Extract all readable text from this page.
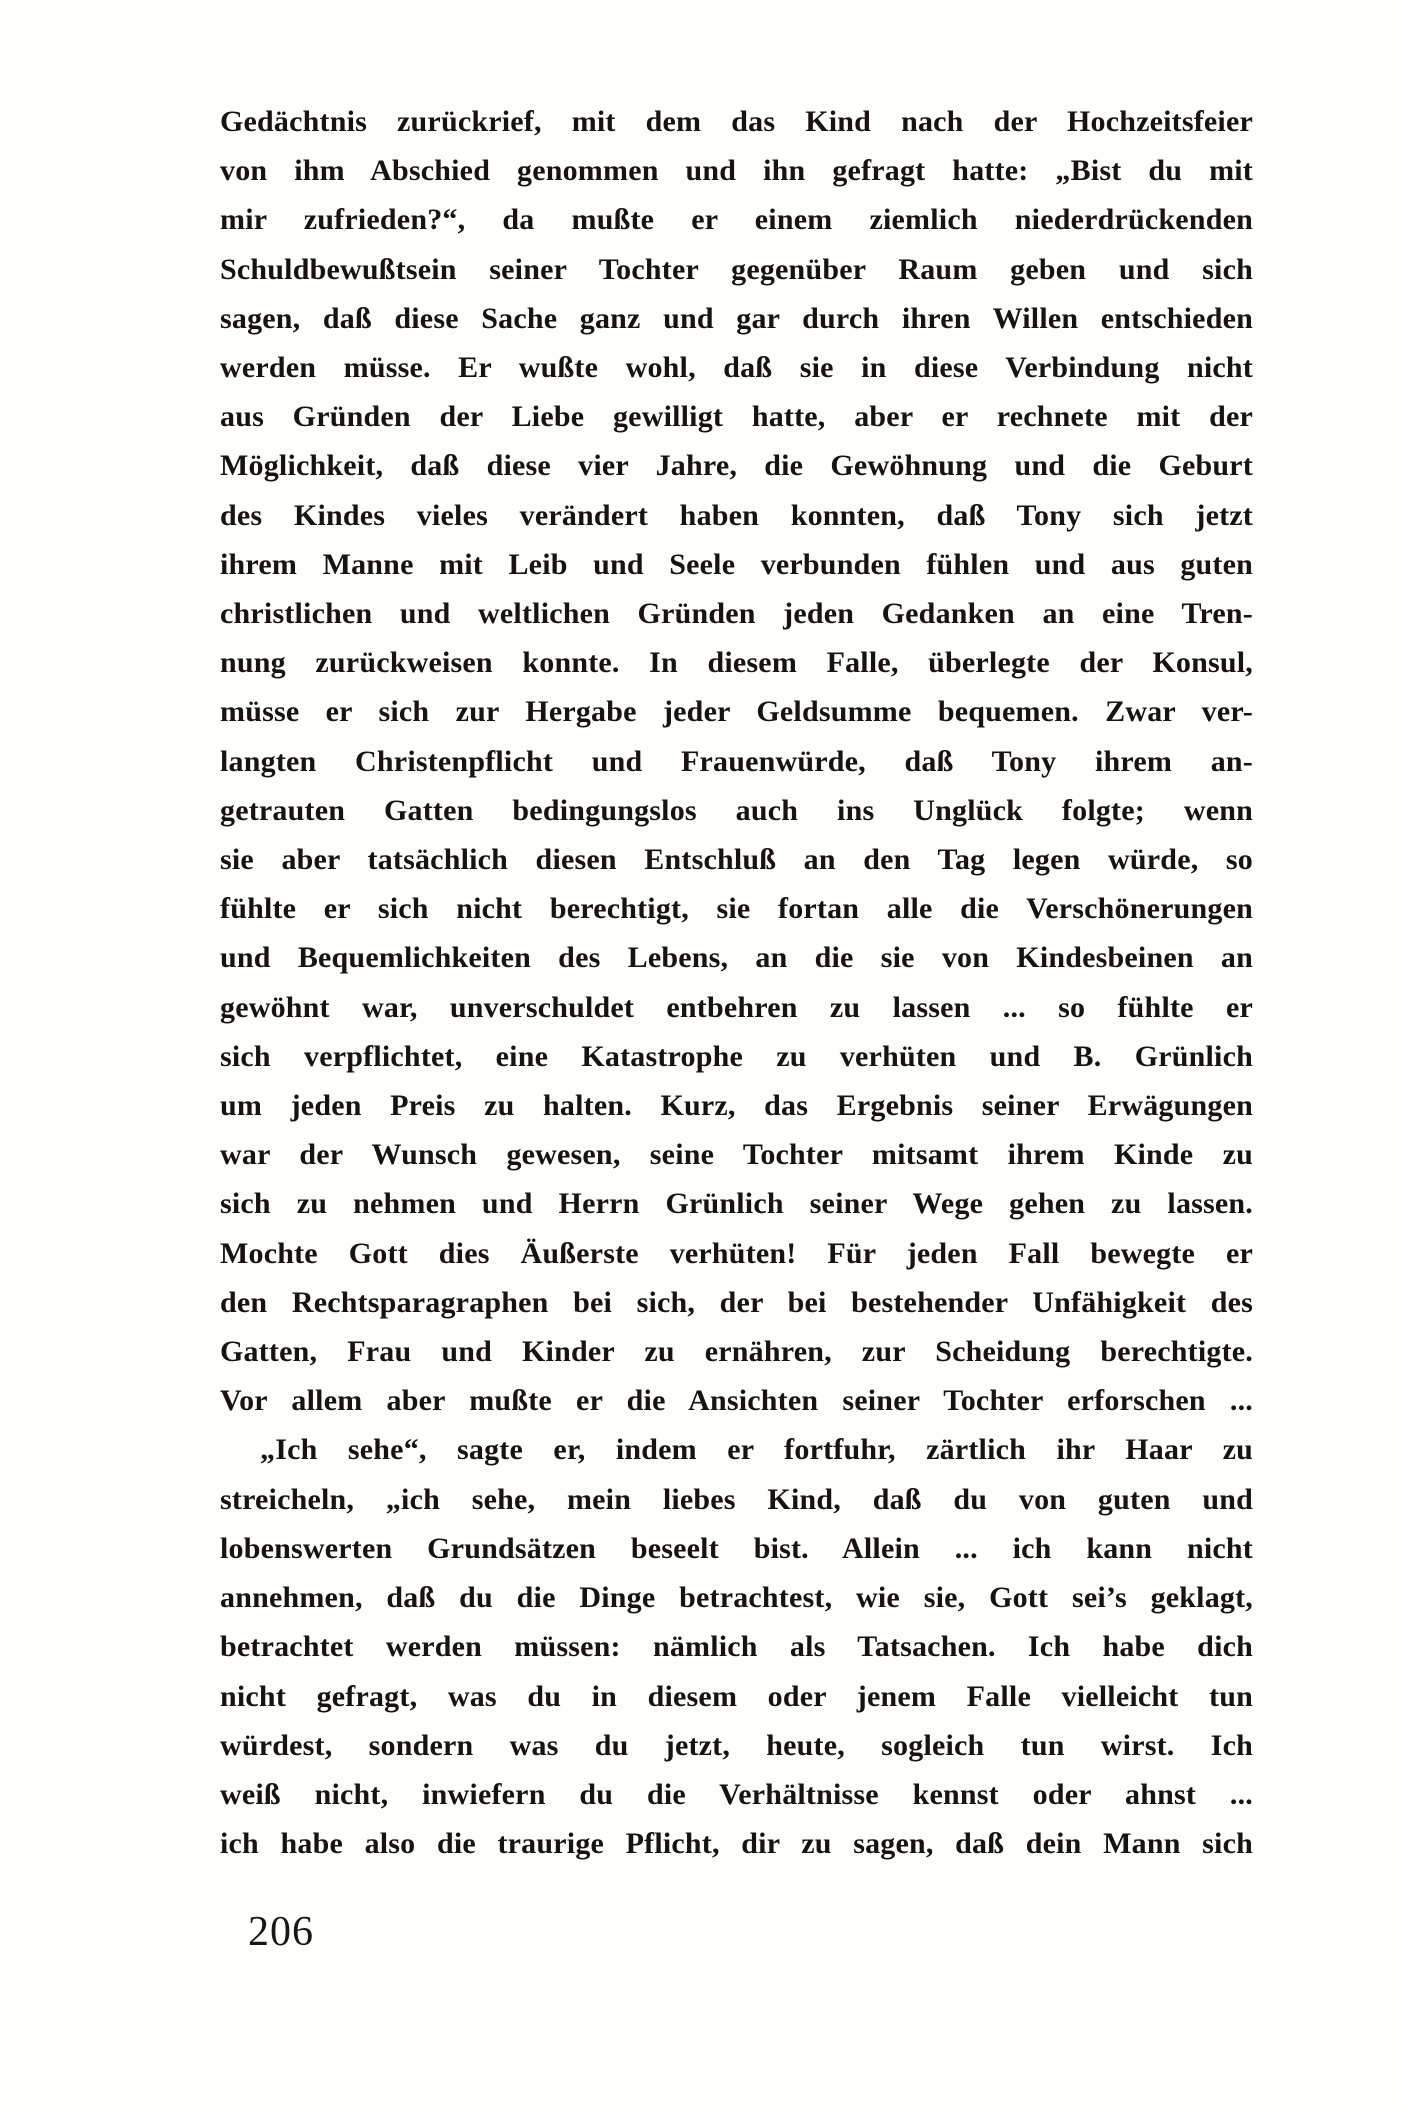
Gedächtnis zurückrief, mit dem das Kind nach der Hochzeitsfeier
von ihm Abschied genommen und ihn gefragt hatte: „Bist du mit
mir zufrieden?“, da mußte er einem ziemlich niederdrückenden
Schuldbewußtsein seiner Tochter gegenüber Raum geben und sich
sagen, daß diese Sache ganz und gar durch ihren Willen entschieden
werden müsse. Er wußte wohl, daß sie in diese Verbindung nicht
aus Gründen der Liebe gewilligt hatte, aber er rechnete mit der
Möglichkeit, daß diese vier Jahre, die Gewöhnung und die Geburt
des Kindes vieles verändert haben konnten, daß Tony sich jetzt
ihrem Manne mit Leib und Seele verbunden fühlen und aus guten
christlichen und weltlichen Gründen jeden Gedanken an eine Tren-
nung zurückweisen konnte. In diesem Falle, überlegte der Konsul,
müsse er sich zur Hergabe jeder Geldsumme bequemen. Zwar ver-
langten Christenpflicht und Frauenwürde, daß Tony ihrem an-
getrauten Gatten bedingungslos auch ins Unglück folgte; wenn
sie aber tatsächlich diesen Entschluß an den Tag legen würde, so
fühlte er sich nicht berechtigt, sie fortan alle die Verschönerungen
und Bequemlichkeiten des Lebens, an die sie von Kindesbeinen an
gewöhnt war, unverschuldet entbehren zu lassen ... so fühlte er
sich verpflichtet, eine Katastrophe zu verhüten und B. Grünlich
um jeden Preis zu halten. Kurz, das Ergebnis seiner Erwägungen
war der Wunsch gewesen, seine Tochter mitsamt ihrem Kinde zu
sich zu nehmen und Herrn Grünlich seiner Wege gehen zu lassen.
Mochte Gott dies Äußerste verhüten! Für jeden Fall bewegte er
den Rechtsparagraphen bei sich, der bei bestehender Unfähigkeit des
Gatten, Frau und Kinder zu ernähren, zur Scheidung berechtigte.
Vor allem aber mußte er die Ansichten seiner Tochter erforschen ...
„Ich sehe“, sagte er, indem er fortfuhr, zärtlich ihr Haar zu
streicheln, „ich sehe, mein liebes Kind, daß du von guten und
lobenswerten Grundsätzen beseelt bist. Allein ... ich kann nicht
annehmen, daß du die Dinge betrachtest, wie sie, Gott sei’s geklagt,
betrachtet werden müssen: nämlich als Tatsachen. Ich habe dich
nicht gefragt, was du in diesem oder jenem Falle vielleicht tun
würdest, sondern was du jetzt, heute, sogleich tun wirst. Ich
weiß nicht, inwiefern du die Verhältnisse kennst oder ahnst ...
ich habe also die traurige Pflicht, dir zu sagen, daß dein Mann sich
206
